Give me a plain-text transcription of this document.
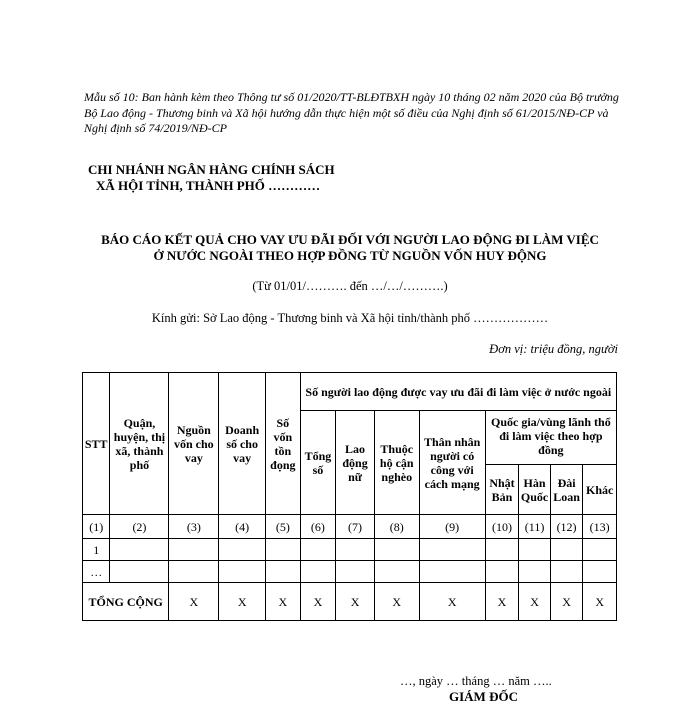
Mẫu số 10: Ban hành kèm theo Thông tư số 01/2020/TT-BLĐTBXH ngày 10 tháng 02 năm 2020 của Bộ trưởng Bộ Lao động - Thương binh và Xã hội hướng dẫn thực hiện một số điều của Nghị định số 61/2015/NĐ-CP và Nghị định số 74/2019/NĐ-CP
CHI NHÁNH NGÂN HÀNG CHÍNH SÁCH
XÃ HỘI TỈNH, THÀNH PHỐ …………
BÁO CÁO KẾT QUẢ CHO VAY ƯU ĐÃI ĐỐI VỚI NGƯỜI LAO ĐỘNG ĐI LÀM VIỆC
Ở NƯỚC NGOÀI THEO HỢP ĐỒNG TỪ NGUỒN VỐN HUY ĐỘNG
(Từ 01/01/………. đến …/…/……….)
Kính gửi: Sở Lao động - Thương binh và Xã hội tỉnh/thành phố ………………
Đơn vị: triệu đồng, người
STT	Quận, huyện, thị xã, thành phố	Nguồn vốn cho vay	Doanh số cho vay	Số vốn tồn đọng	Số người lao động được vay ưu đãi đi làm việc ở nước ngoài							
					Tổng số	Lao động nữ	Thuộc hộ cận nghèo	Thân nhân người có công với cách mạng	Quốc gia/vùng lãnh thổ đi làm việc theo hợp đồng			
									Nhật Bản	Hàn Quốc	Đài Loan	Khác
(1)	(2)	(3)	(4)	(5)	(6)	(7)	(8)	(9)	(10)	(11)	(12)	(13)
1												
…												
TỔNG CỘNG		X	X	X	X	X	X	X	X	X	X	X
…, ngày … tháng … năm …..
GIÁM ĐỐC
